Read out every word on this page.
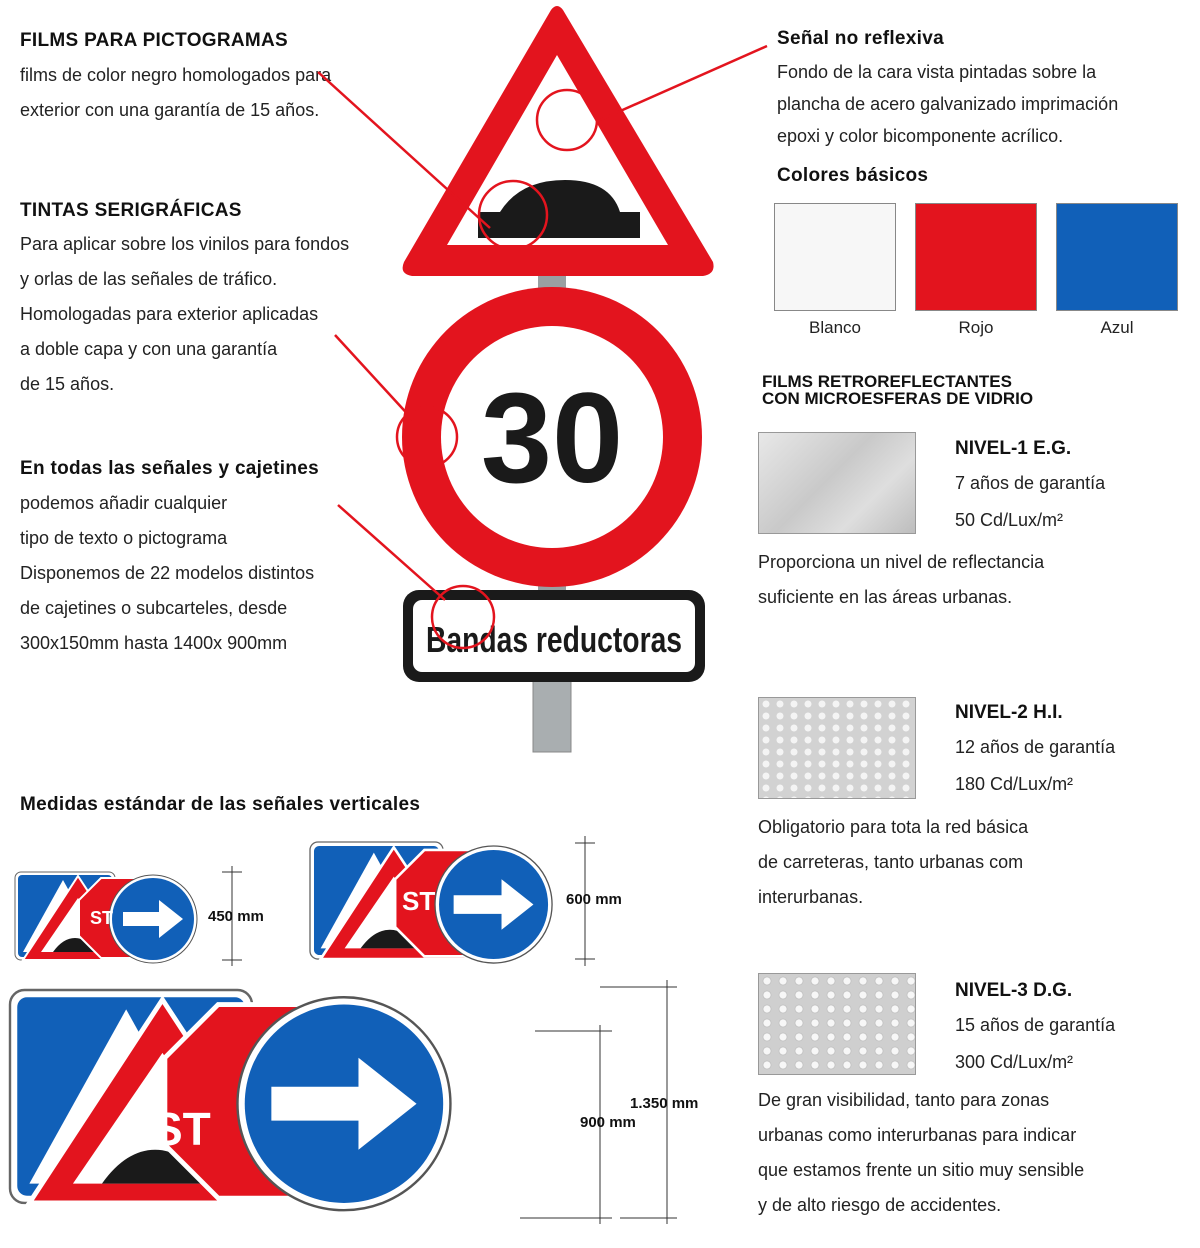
FILMS PARA PICTOGRAMAS
films de color negro homologados para
exterior con una garantía de 15 años.
TINTAS SERIGRÁFICAS
Para aplicar sobre los vinilos para fondos
y orlas de las señales de tráfico.
Homologadas para exterior aplicadas
a doble capa y con una garantía
de 15 años.
En todas las señales y cajetines
podemos añadir cualquier
tipo de texto o pictograma
Disponemos de 22 modelos distintos
de cajetines o subcarteles, desde
300x150mm hasta 1400x 900mm
30
Bandas reductoras
Señal no reflexiva
Fondo de la cara vista pintadas sobre la
plancha de acero galvanizado imprimación
epoxi y color bicomponente acrílico.
Colores básicos
Blanco	Rojo	Azul
FILMS RETROREFLECTANTES
CON MICROESFERAS DE VIDRIO
NIVEL-1 E.G.
7 años de garantía
50 Cd/Lux/m²
Proporciona un nivel de reflectancia
suficiente en las áreas urbanas.
NIVEL-2 H.I.
12 años de garantía
180 Cd/Lux/m²
Obligatorio para tota la red básica
de carreteras, tanto urbanas com
interurbanas.
NIVEL-3 D.G.
15 años de garantía
300 Cd/Lux/m²
De gran visibilidad, tanto para zonas
urbanas como interurbanas para indicar
que estamos frente un sitio muy sensible
y de alto riesgo de accidentes.
Medidas estándar de las señales verticales
ST
ST
ST
450 mm
600 mm
900 mm
1.350 mm
